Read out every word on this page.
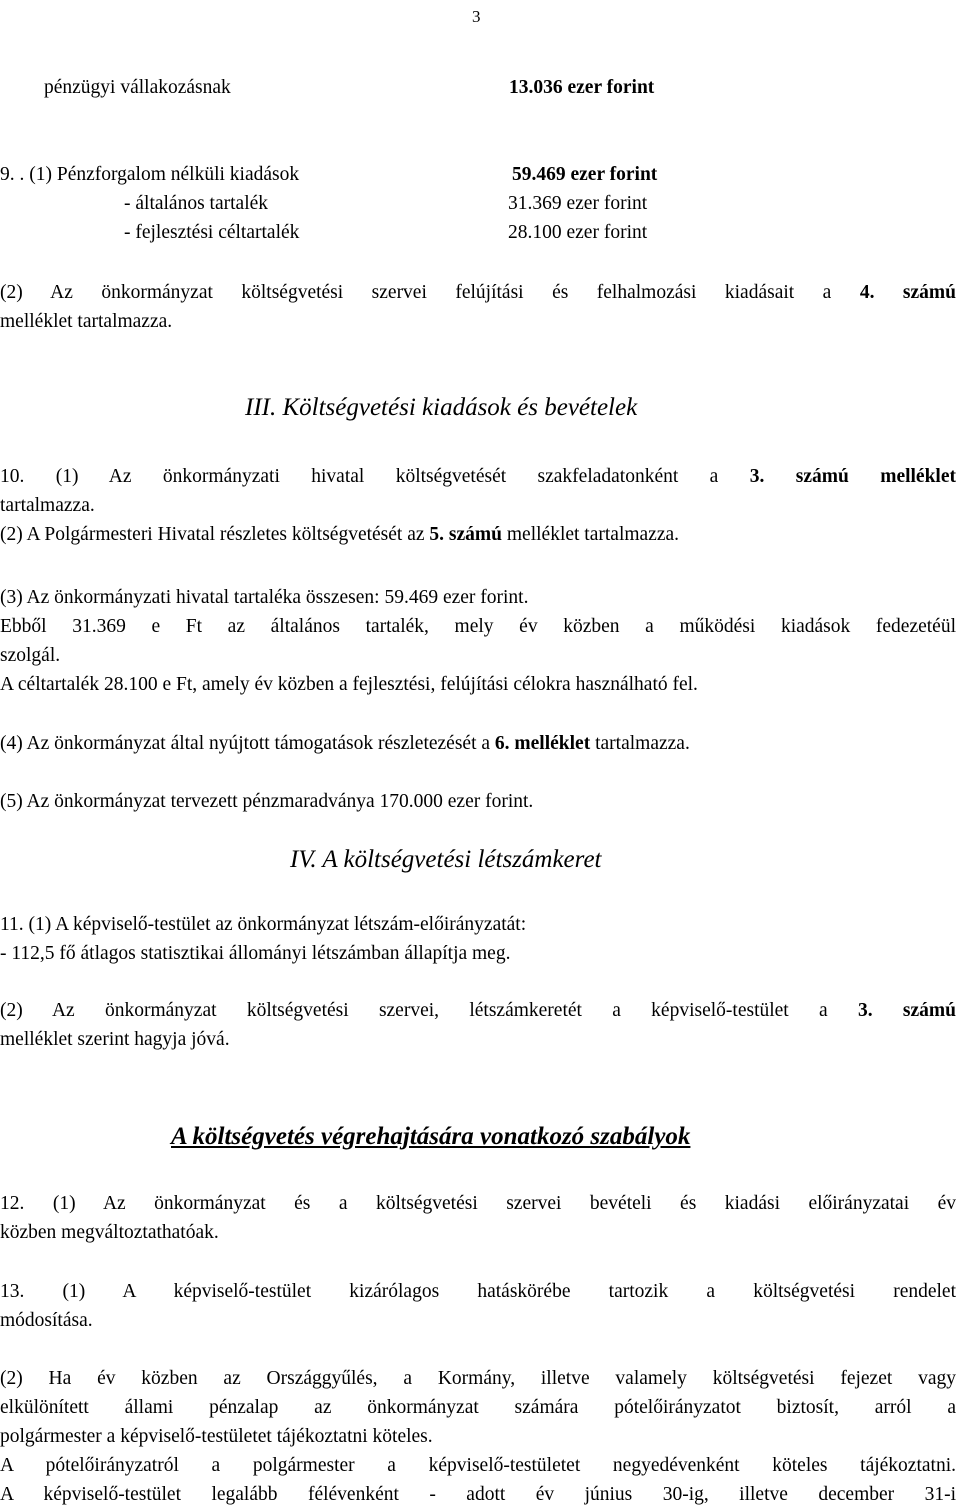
3
pénzügyi vállakozásnak	13.036 ezer forint
9. . (1) Pénzforgalom nélküli kiadások	59.469 ezer forint
- általános tartalék	31.369 ezer forint
- fejlesztési céltartalék	28.100 ezer forint
(2) Az önkormányzat költségvetési szervei felújítási és felhalmozási kiadásait a 4. számú
melléklet tartalmazza.
III. Költségvetési kiadások és bevételek
10. (1) Az önkormányzati hivatal költségvetését szakfeladatonként a 3. számú melléklet
tartalmazza.
(2) A Polgármesteri Hivatal részletes költségvetését az 5. számú melléklet tartalmazza.
(3) Az önkormányzati hivatal tartaléka összesen: 59.469 ezer forint.
Ebből 31.369 e Ft az általános tartalék, mely év közben a működési kiadások fedezetéül
szolgál.
A céltartalék 28.100 e Ft, amely év közben a fejlesztési, felújítási célokra használható fel.
(4) Az önkormányzat által nyújtott támogatások részletezését a 6. melléklet tartalmazza.
(5) Az önkormányzat tervezett pénzmaradványa 170.000 ezer forint.
IV. A költségvetési létszámkeret
11. (1) A képviselő-testület az önkormányzat létszám-előirányzatát:
- 112,5 fő átlagos statisztikai állományi létszámban állapítja meg.
(2) Az önkormányzat költségvetési szervei, létszámkeretét a képviselő-testület a 3. számú
melléklet szerint hagyja jóvá.
A költségvetés végrehajtására vonatkozó szabályok
12. (1) Az önkormányzat és a költségvetési szervei bevételi és kiadási előirányzatai év
közben megváltoztathatóak.
13. (1) A képviselő-testület kizárólagos hatáskörébe tartozik a költségvetési rendelet
módosítása.
(2) Ha év közben az Országgyűlés, a Kormány, illetve valamely költségvetési fejezet vagy
elkülönített állami pénzalap az önkormányzat számára pótelőirányzatot biztosít, arról a
polgármester a képviselő-testületet tájékoztatni köteles.
A pótelőirányzatról a polgármester a képviselő-testületet negyedévenként köteles tájékoztatni.
A képviselő-testület legalább félévenként - adott év június 30-ig, illetve december 31-i
